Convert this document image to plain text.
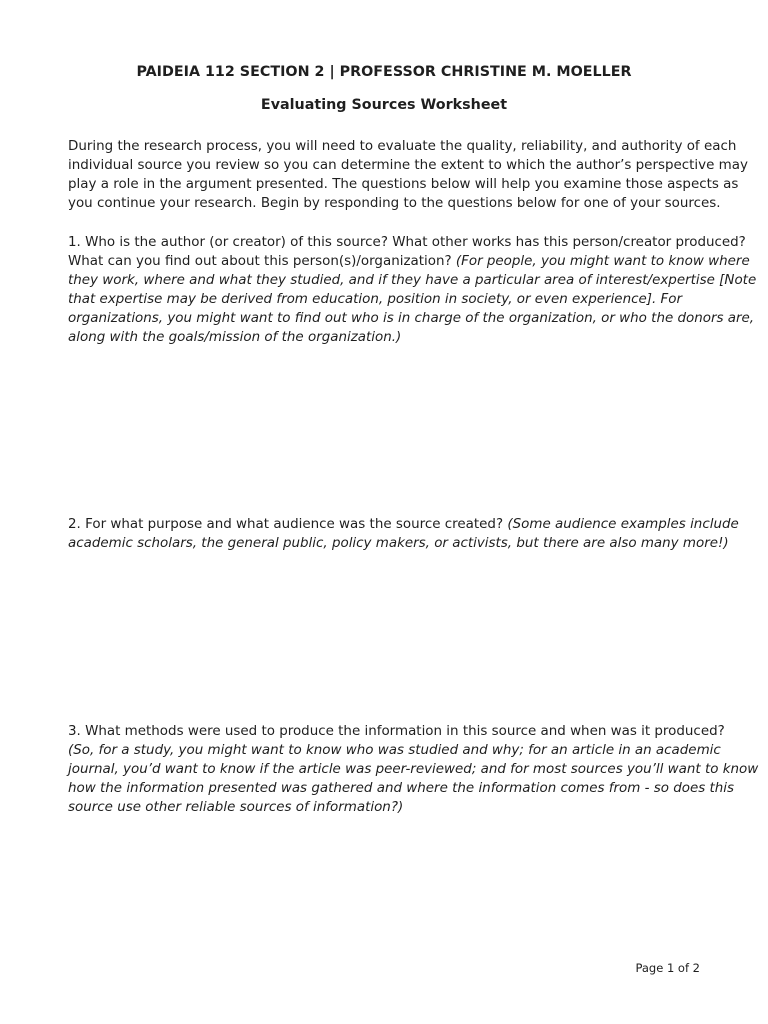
PAIDEIA 112 SECTION 2 | PROFESSOR CHRISTINE M. MOELLER
Evaluating Sources Worksheet
During the research process, you will need to evaluate the quality, reliability, and authority of each
individual source you review so you can determine the extent to which the author’s perspective may
play a role in the argument presented. The questions below will help you examine those aspects as
you continue your research. Begin by responding to the questions below for one of your sources.
1. Who is the author (or creator) of this source? What other works has this person/creator produced?
What can you find out about this person(s)/organization? (For people, you might want to know where
they work, where and what they studied, and if they have a particular area of interest/expertise [Note
that expertise may be derived from education, position in society, or even experience]. For
organizations, you might want to find out who is in charge of the organization, or who the donors are,
along with the goals/mission of the organization.)
2. For what purpose and what audience was the source created? (Some audience examples include
academic scholars, the general public, policy makers, or activists, but there are also many more!)
3. What methods were used to produce the information in this source and when was it produced?
(So, for a study, you might want to know who was studied and why; for an article in an academic
journal, you’d want to know if the article was peer-reviewed; and for most sources you’ll want to know
how the information presented was gathered and where the information comes from - so does this
source use other reliable sources of information?)
Page 1 of 2
